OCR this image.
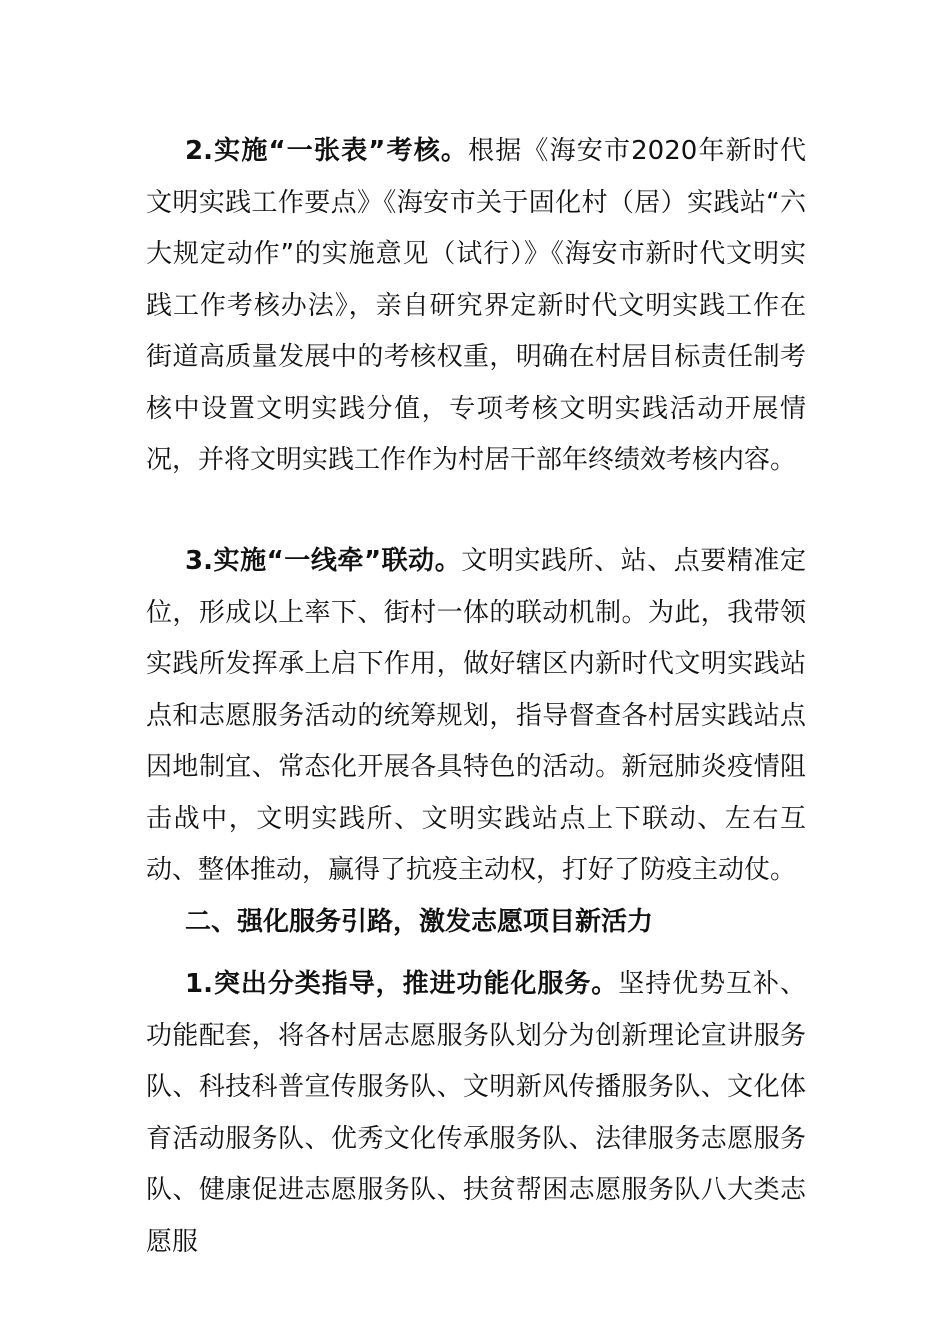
2.实施“一张表”考核。根据《海安市2020年新时代文明实践工作要点》《海安市关于固化村（居）实践站“六大规定动作”的实施意见（试行）》《海安市新时代文明实践工作考核办法》，亲自研究界定新时代文明实践工作在街道高质量发展中的考核权重，明确在村居目标责任制考核中设置文明实践分值，专项考核文明实践活动开展情况，并将文明实践工作作为村居干部年终绩效考核内容。

3.实施“一线牵”联动。文明实践所、站、点要精准定位，形成以上率下、街村一体的联动机制。为此，我带领实践所发挥承上启下作用，做好辖区内新时代文明实践站点和志愿服务活动的统筹规划，指导督查各村居实践站点因地制宜、常态化开展各具特色的活动。新冠肺炎疫情阻击战中，文明实践所、文明实践站点上下联动、左右互动、整体推动，赢得了抗疫主动权，打好了防疫主动仗。

二、强化服务引路，激发志愿项目新活力

1.突出分类指导，推进功能化服务。坚持优势互补、功能配套，将各村居志愿服务队划分为创新理论宣讲服务队、科技科普宣传服务队、文明新风传播服务队、文化体育活动服务队、优秀文化传承服务队、法律服务志愿服务队、健康促进志愿服务队、扶贫帮困志愿服务队八大类志愿服
